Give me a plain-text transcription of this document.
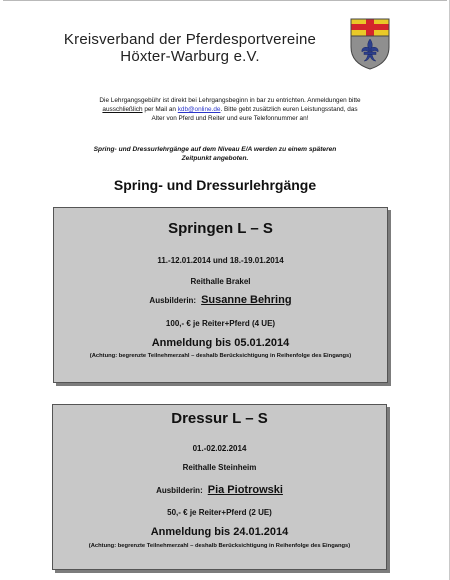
Kreisverband der Pferdesportvereine
Höxter-Warburg e.V.
Die Lehrgangsgebühr ist direkt bei Lehrgangsbeginn in bar zu entrichten. Anmeldungen bitte
ausschließlich per Mail an kdb@online.de. Bitte gebt zusätzlich euren Leistungsstand, das
Alter von Pferd und Reiter und eure Telefonnummer an!
Spring- und Dressurlehrgänge auf dem Niveau E/A werden zu einem späteren
Zeitpunkt angeboten.
Spring- und Dressurlehrgänge
Springen L – S
11.-12.01.2014 und 18.-19.01.2014
Reithalle Brakel
Ausbilderin: Susanne Behring
100,- € je Reiter+Pferd (4 UE)
Anmeldung bis 05.01.2014
(Achtung: begrenzte Teilnehmerzahl – deshalb Berücksichtigung in Reihenfolge des Eingangs)
Dressur L – S
01.-02.02.2014
Reithalle Steinheim
Ausbilderin: Pia Piotrowski
50,- € je Reiter+Pferd (2 UE)
Anmeldung bis 24.01.2014
(Achtung: begrenzte Teilnehmerzahl – deshalb Berücksichtigung in Reihenfolge des Eingangs)
